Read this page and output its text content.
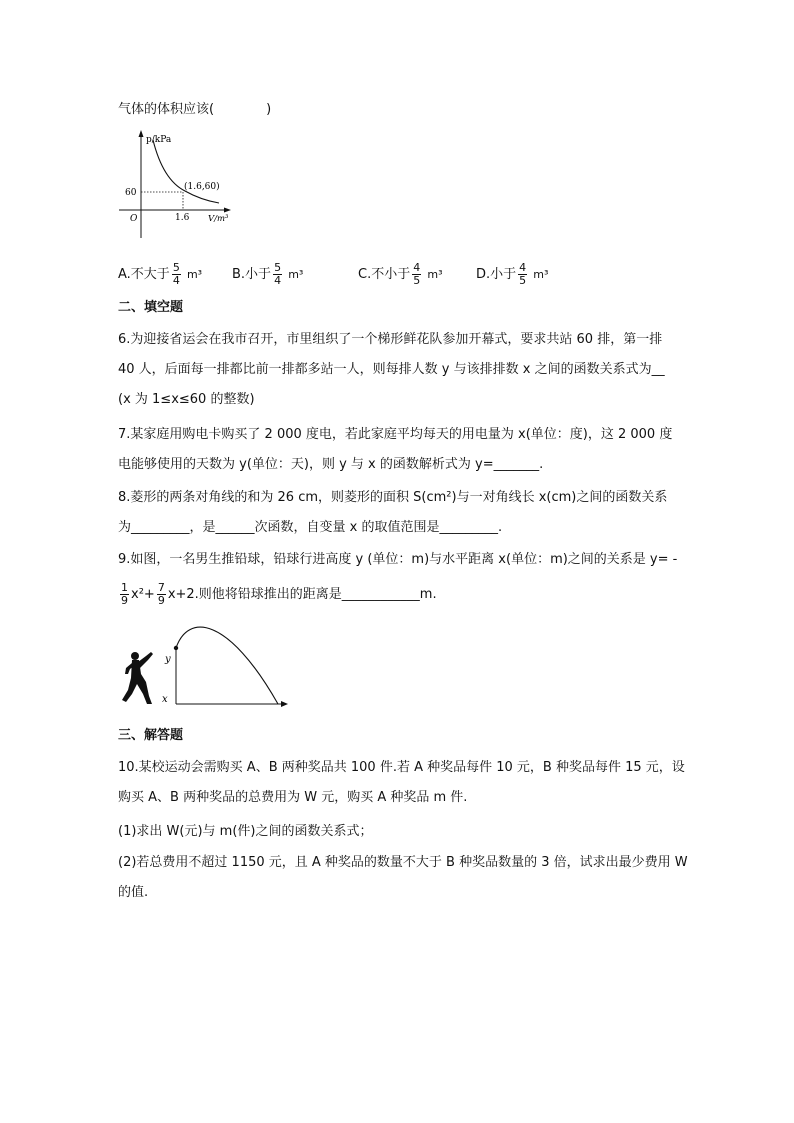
气体的体积应该(　　　　)
p/kPa
V/m³
O
60
1.6
(1.6,60)
A.不大于 $\frac{5}{4} m^3$ B.小于 $\frac{5}{4} m^3$	C.不小于 $\frac{4}{5} m^3$	D.小于 $\frac{4}{5} m^3$
二、填空题
6.为迎接省运会在我市召开，市里组织了一个梯形鲜花队参加开幕式，要求共站 60 排，第一排
40 人，后面每一排都比前一排都多站一人，则每排人数 y 与该排排数 x 之间的函数关系式为__
(x 为 1≤x≤60 的整数)
7.某家庭用购电卡购买了 2 000 度电，若此家庭平均每天的用电量为 x(单位：度)，这 2 000 度
电能够使用的天数为 y(单位：天)，则 y 与 x 的函数解析式为 y=_______.
8.菱形的两条对角线的和为 26 cm，则菱形的面积 S(cm²)与一对角线长 x(cm)之间的函数关系
为_________，是______次函数，自变量 x 的取值范围是_________.
9.如图，一名男生推铅球，铅球行进高度 y (单位：m)与水平距离 x(单位：m)之间的关系是 y= -
$\frac{1}{9} x^2+ \frac{7}{9} x+2$.则他将铅球推出的距离是____________m.
y
x
三、解答题
10.某校运动会需购买 A、B 两种奖品共 100 件.若 A 种奖品每件 10 元，B 种奖品每件 15 元，设
购买 A、B 两种奖品的总费用为 W 元，购买 A 种奖品 m 件.
(1)求出 W(元)与 m(件)之间的函数关系式；
(2)若总费用不超过 1150 元，且 A 种奖品的数量不大于 B 种奖品数量的 3 倍，试求出最少费用 W
的值.
